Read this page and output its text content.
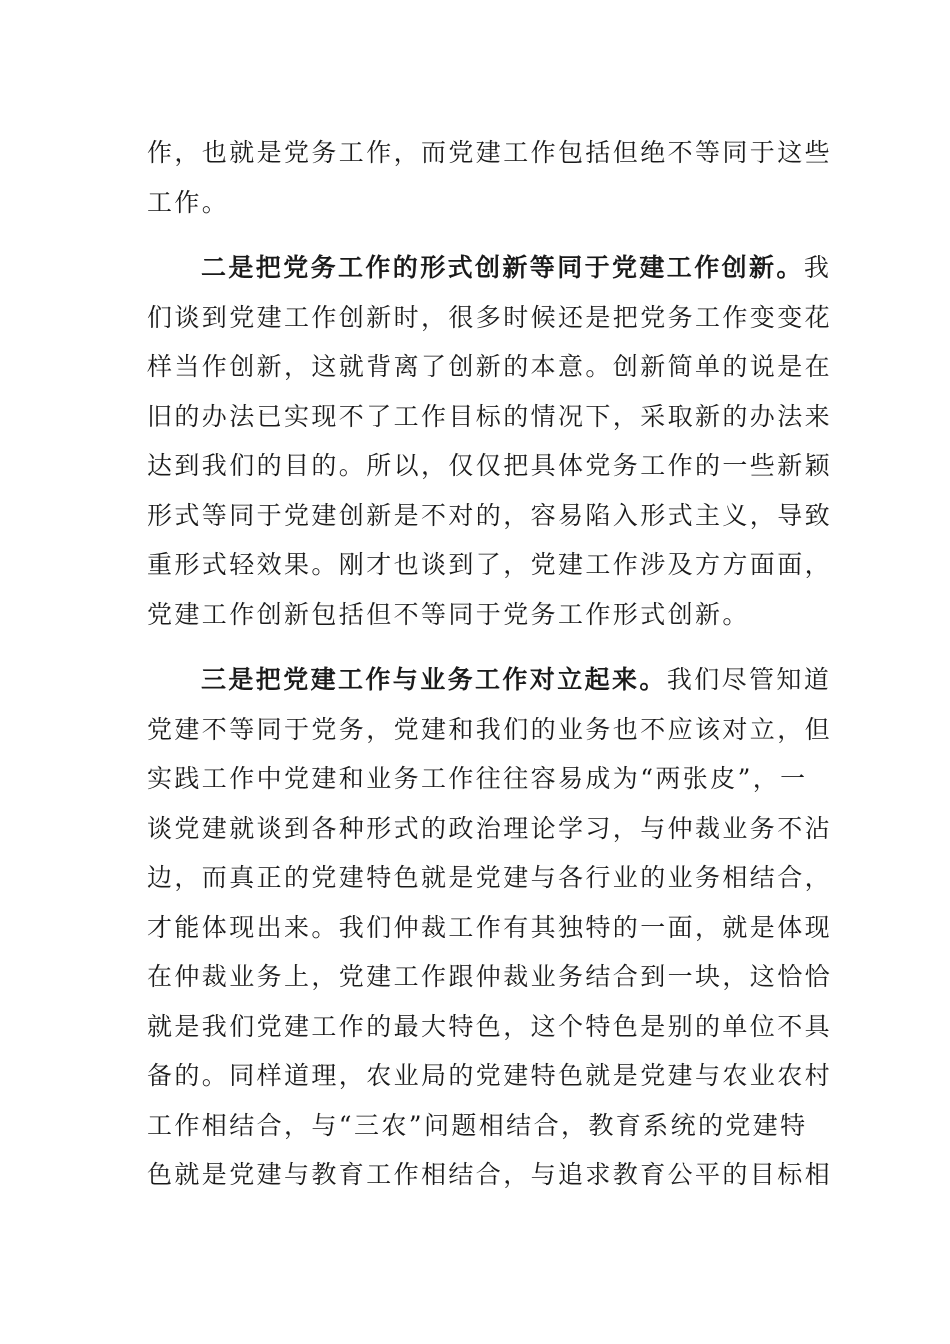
作，也就是党务工作，而党建工作包括但绝不等同于这些
工作。
二是把党务工作的形式创新等同于党建工作创新。我
们谈到党建工作创新时，很多时候还是把党务工作变变花
样当作创新，这就背离了创新的本意。创新简单的说是在
旧的办法已实现不了工作目标的情况下，采取新的办法来
达到我们的目的。所以，仅仅把具体党务工作的一些新颖
形式等同于党建创新是不对的，容易陷入形式主义，导致
重形式轻效果。刚才也谈到了，党建工作涉及方方面面，
党建工作创新包括但不等同于党务工作形式创新。
三是把党建工作与业务工作对立起来。我们尽管知道
党建不等同于党务，党建和我们的业务也不应该对立，但
实践工作中党建和业务工作往往容易成为“两张皮”，一
谈党建就谈到各种形式的政治理论学习，与仲裁业务不沾
边，而真正的党建特色就是党建与各行业的业务相结合，
才能体现出来。我们仲裁工作有其独特的一面，就是体现
在仲裁业务上，党建工作跟仲裁业务结合到一块，这恰恰
就是我们党建工作的最大特色，这个特色是别的单位不具
备的。同样道理，农业局的党建特色就是党建与农业农村
工作相结合，与“三农”问题相结合，教育系统的党建特
色就是党建与教育工作相结合，与追求教育公平的目标相
